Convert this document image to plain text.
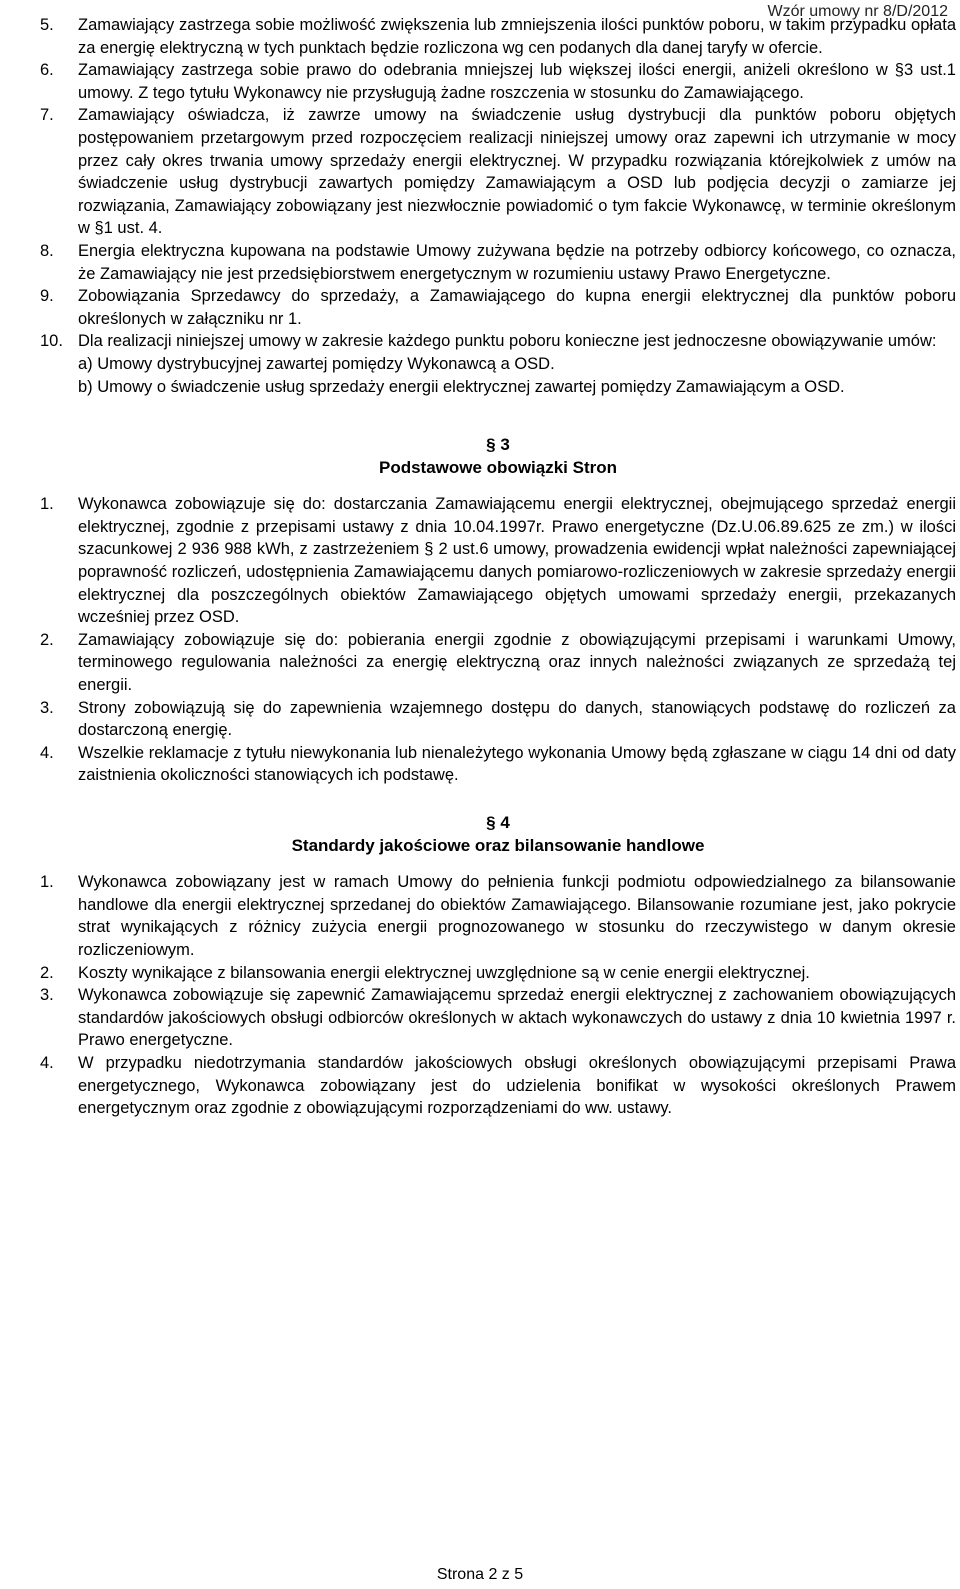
Wzór umowy nr 8/D/2012
5. Zamawiający zastrzega sobie możliwość zwiększenia lub zmniejszenia ilości punktów poboru, w takim przypadku opłata za energię elektryczną w tych punktach będzie rozliczona wg cen podanych dla danej taryfy w ofercie.
6. Zamawiający zastrzega sobie prawo do odebrania mniejszej lub większej ilości energii, aniżeli określono w §3 ust.1 umowy. Z tego tytułu Wykonawcy nie przysługują żadne roszczenia w stosunku do Zamawiającego.
7. Zamawiający oświadcza, iż zawrze umowy na świadczenie usług dystrybucji dla punktów poboru objętych postępowaniem przetargowym przed rozpoczęciem realizacji niniejszej umowy oraz zapewni ich utrzymanie w mocy przez cały okres trwania umowy sprzedaży energii elektrycznej. W przypadku rozwiązania którejkolwiek z umów na świadczenie usług dystrybucji zawartych pomiędzy Zamawiającym a OSD lub podjęcia decyzji o zamiarze jej rozwiązania, Zamawiający zobowiązany jest niezwłocznie powiadomić o tym fakcie Wykonawcę, w terminie określonym w §1 ust. 4.
8. Energia elektryczna kupowana na podstawie Umowy zużywana będzie na potrzeby odbiorcy końcowego, co oznacza, że Zamawiający nie jest przedsiębiorstwem energetycznym w rozumieniu ustawy Prawo Energetyczne.
9. Zobowiązania Sprzedawcy do sprzedaży, a Zamawiającego do kupna energii elektrycznej dla punktów poboru określonych w załączniku nr 1.
10. Dla realizacji niniejszej umowy w zakresie każdego punktu poboru konieczne jest jednoczesne obowiązywanie umów:
a) Umowy dystrybucyjnej zawartej pomiędzy Wykonawcą a OSD.
b) Umowy o świadczenie usług sprzedaży energii elektrycznej zawartej pomiędzy Zamawiającym a OSD.
§ 3
Podstawowe obowiązki Stron
1. Wykonawca zobowiązuje się do: dostarczania Zamawiającemu energii elektrycznej, obejmującego sprzedaż energii elektrycznej, zgodnie z przepisami ustawy z dnia 10.04.1997r. Prawo energetyczne (Dz.U.06.89.625 ze zm.) w ilości szacunkowej 2 936 988 kWh, z zastrzeżeniem § 2 ust.6 umowy, prowadzenia ewidencji wpłat należności zapewniającej poprawność rozliczeń, udostępnienia Zamawiającemu danych pomiarowo-rozliczeniowych w zakresie sprzedaży energii elektrycznej dla poszczególnych obiektów Zamawiającego objętych umowami sprzedaży energii, przekazanych wcześniej przez OSD.
2. Zamawiający zobowiązuje się do: pobierania energii zgodnie z obowiązującymi przepisami i warunkami Umowy, terminowego regulowania należności za energię elektryczną oraz innych należności związanych ze sprzedażą tej energii.
3. Strony zobowiązują się do zapewnienia wzajemnego dostępu do danych, stanowiących podstawę do rozliczeń za dostarczoną energię.
4. Wszelkie reklamacje z tytułu niewykonania lub nienależytego wykonania Umowy będą zgłaszane w ciągu 14 dni od daty zaistnienia okoliczności stanowiących ich podstawę.
§ 4
Standardy jakościowe oraz bilansowanie handlowe
1. Wykonawca zobowiązany jest w ramach Umowy do pełnienia funkcji podmiotu odpowiedzialnego za bilansowanie handlowe dla energii elektrycznej sprzedanej do obiektów Zamawiającego. Bilansowanie rozumiane jest, jako pokrycie strat wynikających z różnicy zużycia energii prognozowanego w stosunku do rzeczywistego w danym okresie rozliczeniowym.
2. Koszty wynikające z bilansowania energii elektrycznej uwzględnione są w cenie energii elektrycznej.
3. Wykonawca zobowiązuje się zapewnić Zamawiającemu sprzedaż energii elektrycznej z zachowaniem obowiązujących standardów jakościowych obsługi odbiorców określonych w aktach wykonawczych do ustawy z dnia 10 kwietnia 1997 r. Prawo energetyczne.
4. W przypadku niedotrzymania standardów jakościowych obsługi określonych obowiązującymi przepisami Prawa energetycznego, Wykonawca zobowiązany jest do udzielenia bonifikat w wysokości określonych Prawem energetycznym oraz zgodnie z obowiązującymi rozporządzeniami do ww. ustawy.
Strona 2 z 5
